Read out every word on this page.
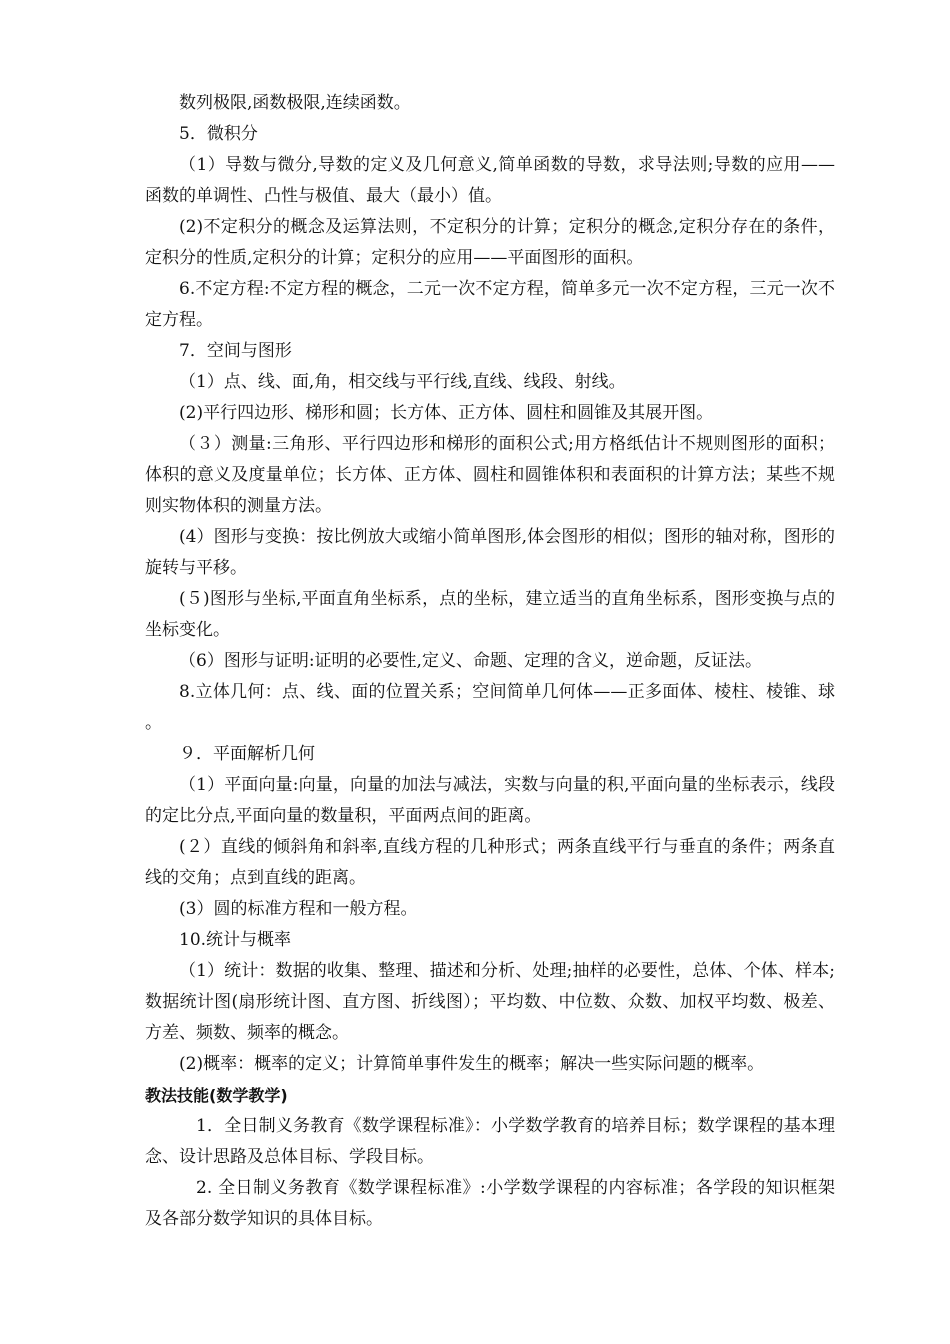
数列极限,函数极限,连续函数。

5．微积分

（1）导数与微分,导数的定义及几何意义,简单函数的导数，求导法则;导数的应用——函数的单调性、凸性与极值、最大（最小）值。

(2)不定积分的概念及运算法则，不定积分的计算；定积分的概念,定积分存在的条件，定积分的性质,定积分的计算；定积分的应用——平面图形的面积。

6.不定方程:不定方程的概念，二元一次不定方程，简单多元一次不定方程，三元一次不定方程。

7．空间与图形

（1）点、线、面,角，相交线与平行线,直线、线段、射线。

(2)平行四边形、梯形和圆；长方体、正方体、圆柱和圆锥及其展开图。

（３）测量:三角形、平行四边形和梯形的面积公式;用方格纸估计不规则图形的面积；体积的意义及度量单位；长方体、正方体、圆柱和圆锥体积和表面积的计算方法；某些不规则实物体积的测量方法。

(4）图形与变换：按比例放大或缩小简单图形,体会图形的相似；图形的轴对称，图形的旋转与平移。

(５)图形与坐标,平面直角坐标系，点的坐标，建立适当的直角坐标系，图形变换与点的坐标变化。

（6）图形与证明:证明的必要性,定义、命题、定理的含义，逆命题，反证法。

8.立体几何：点、线、面的位置关系；空间简单几何体——正多面体、棱柱、棱锥、球。

９．平面解析几何

（1）平面向量:向量，向量的加法与减法，实数与向量的积,平面向量的坐标表示，线段的定比分点,平面向量的数量积，平面两点间的距离。

(２）直线的倾斜角和斜率,直线方程的几种形式；两条直线平行与垂直的条件；两条直线的交角；点到直线的距离。

(3）圆的标准方程和一般方程。

10.统计与概率

（1）统计：数据的收集、整理、描述和分析、处理;抽样的必要性，总体、个体、样本;数据统计图(扇形统计图、直方图、折线图）；平均数、中位数、众数、加权平均数、极差、方差、频数、频率的概念。

(2)概率：概率的定义；计算简单事件发生的概率；解决一些实际问题的概率。

教法技能(数学教学)

1．全日制义务教育《数学课程标准》：小学数学教育的培养目标；数学课程的基本理念、设计思路及总体目标、学段目标。

2. 全日制义务教育《数学课程标准》:小学数学课程的内容标准；各学段的知识框架及各部分数学知识的具体目标。
